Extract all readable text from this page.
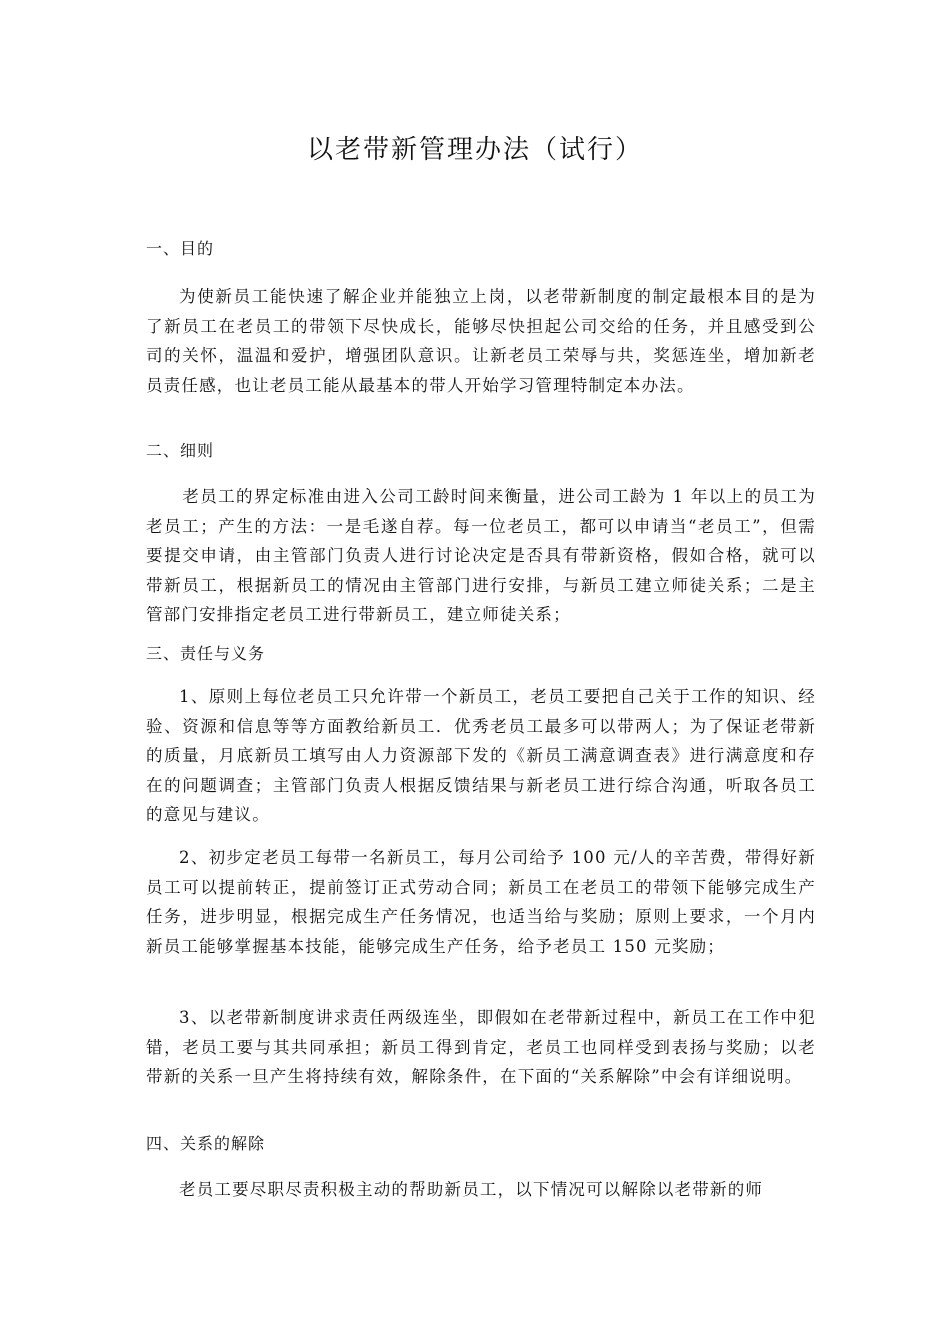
以老带新管理办法（试行）
一、目的
为使新员工能快速了解企业并能独立上岗，以老带新制度的制定最根本目的是为了新员工在老员工的带领下尽快成长，能够尽快担起公司交给的任务，并且感受到公司的关怀，温温和爱护，增强团队意识。让新老员工荣辱与共，奖惩连坐，增加新老员责任感，也让老员工能从最基本的带人开始学习管理特制定本办法。
二、细则
老员工的界定标准由进入公司工龄时间来衡量，进公司工龄为 1 年以上的员工为老员工；产生的方法：一是毛遂自荐。每一位老员工，都可以申请当“老员工”，但需要提交申请，由主管部门负责人进行讨论决定是否具有带新资格，假如合格，就可以带新员工，根据新员工的情况由主管部门进行安排，与新员工建立师徒关系；二是主管部门安排指定老员工进行带新员工，建立师徒关系；
三、责任与义务
1、原则上每位老员工只允许带一个新员工，老员工要把自己关于工作的知识、经验、资源和信息等等方面教给新员工．优秀老员工最多可以带两人；为了保证老带新的质量，月底新员工填写由人力资源部下发的《新员工满意调查表》进行满意度和存在的问题调查；主管部门负责人根据反馈结果与新老员工进行综合沟通，听取各员工的意见与建议。
2、初步定老员工每带一名新员工，每月公司给予 100 元/人的辛苦费，带得好新员工可以提前转正，提前签订正式劳动合同；新员工在老员工的带领下能够完成生产任务，进步明显，根据完成生产任务情况，也适当给与奖励；原则上要求，一个月内新员工能够掌握基本技能，能够完成生产任务，给予老员工 150 元奖励；
3、以老带新制度讲求责任两级连坐，即假如在老带新过程中，新员工在工作中犯错，老员工要与其共同承担；新员工得到肯定，老员工也同样受到表扬与奖励；以老带新的关系一旦产生将持续有效，解除条件，在下面的“关系解除”中会有详细说明。
四、关系的解除
老员工要尽职尽责积极主动的帮助新员工，以下情况可以解除以老带新的师
